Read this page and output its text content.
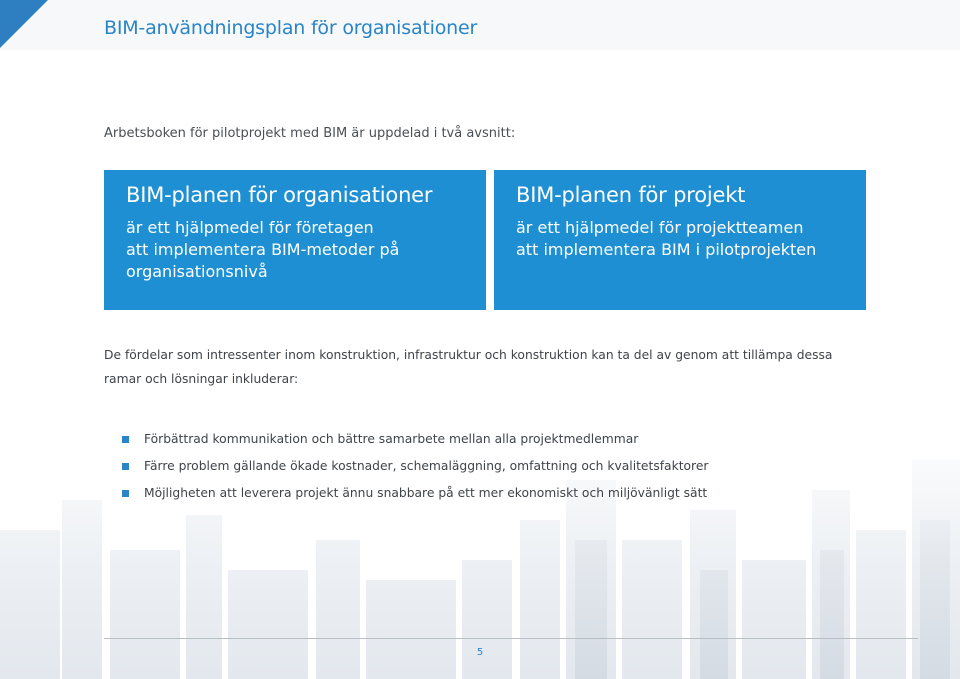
BIM-användningsplan för organisationer
Arbetsboken för pilotprojekt med BIM är uppdelad i två avsnitt:
BIM-planen för organisationer
är ett hjälpmedel för företagen
att implementera BIM-metoder på
organisationsnivå
BIM-planen för projekt
är ett hjälpmedel för projektteamen
att implementera BIM i pilotprojekten
De fördelar som intressenter inom konstruktion, infrastruktur och konstruktion kan ta del av genom att tillämpa dessa
ramar och lösningar inkluderar:
Förbättrad kommunikation och bättre samarbete mellan alla projektmedlemmar
Färre problem gällande ökade kostnader, schemaläggning, omfattning och kvalitetsfaktorer
Möjligheten att leverera projekt ännu snabbare på ett mer ekonomiskt och miljövänligt sätt
5
